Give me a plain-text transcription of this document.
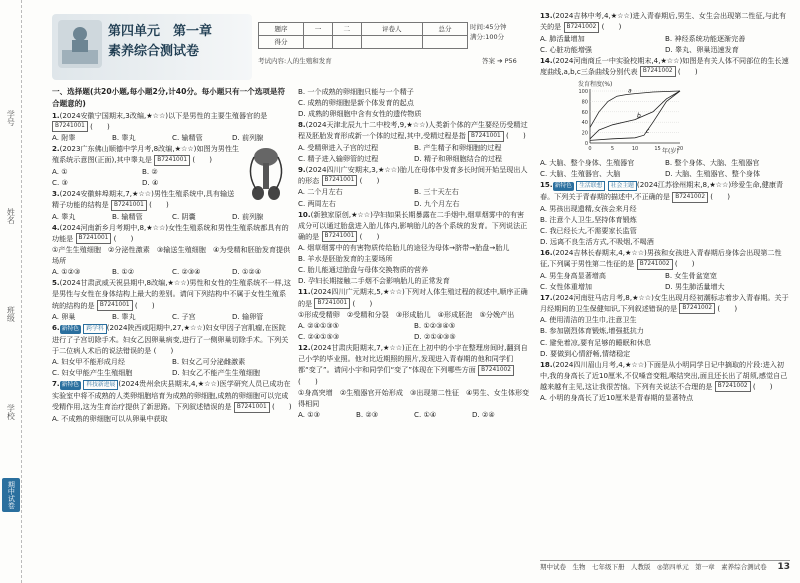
学号
姓名
班级
学校
期中试卷
第四单元　第一章
素养综合测试卷
题序	一	二	评卷人	总分
得分				
时间:45分钟
满分:100分
考试内容:人的生殖和发育	答案 ➔ P56

一、选择题(共20小题,每小题2分,计40分。每小题只有一个选项是符合题意的)

1.(2024安徽宁国期末,3改编,★☆☆)以下是男性的主要生殖器官的是 B7241001 (　　)

A. 附睾	B. 睾丸	C. 输精管	D. 前列腺

2.(2023广东佛山顺德中学月考,8改编,★☆☆)如图为男性生殖系统示意图(正面),其中睾丸是 B7241001 (　　)

A. ①	B. ②
C. ③	D. ④

3.(2024安徽蚌埠期末,7,★☆☆)男性生殖系统中,具有输送精子功能的结构是 B7241001 (　　)

A. 睾丸	B. 输精管	C. 阴囊	D. 前列腺

4.(2024河南新乡月考期中,8,★☆☆)女性生殖系统和男性生殖系统都具有的功能是 B7241001 (　　)

①产生生殖细胞　②分泌性激素　③输送生殖细胞　④为受精和胚胎发育提供场所

A. ①②③	B. ①②	C. ②③④	D. ①②④

5.(2024甘肃武威天祝县期中,8改编,★☆☆)男性和女性的生殖系统不一样,这是男性与女性在身体结构上最大的差别。请问下列结构中不属于女性生殖系统的结构的是 B7241001 (　　)

A. 卵巢	B. 睾丸	C. 子宫	D. 输卵管

6. 新特色 跨学科 (2024陕西咸阳期中,27,★☆☆)妇女甲因子宫肌瘤,在医院进行了子宫切除手术。妇女乙因卵巢病变,进行了一侧卵巢切除手术。下列关于二位病人术后的说法错误的是 (　　)

A. 妇女甲不能形成月经	B. 妇女乙可分泌雌激素
C. 妇女甲能产生生殖细胞	D. 妇女乙不能产生生殖细胞

7. 新特色 科技新进展 (2024贵州余庆县期末,4,★☆☆)医学研究人员已成功在实验室中将不成熟的人类卵细胞培育为成熟的卵细胞,成熟的卵细胞可以完成受精作用,这为生育治疗提供了新思路。下列叙述错误的是 B7241001 (　　)

A. 不成熟的卵细胞可以从卵巢中获取

B. 一个成熟的卵细胞只能与一个精子

C. 成熟的卵细胞是新个体发育的起点

D. 成熟的卵细胞中含有女性的遗传物质

8.(2024天津北辰九十二中校考,9,★☆☆)人类新个体的产生要经历受精过程及胚胎发育形成新一个体的过程,其中,受精过程是指 B7241001 (　　)

A. 受精卵进入子宫的过程	B. 产生精子和卵细胞的过程
C. 精子进入输卵管的过程	D. 精子和卵细胞结合的过程

9.(2024四川广安期末,3,★☆☆)胎儿在母体中发育多长时间开始呈现出人的形态 B7241001 (　　)

A. 二个月左右	B. 三十天左右
C. 两周左右	D. 九个月左右

10.(新独家原创,★☆☆)孕妇如果长期暴露在二手烟中,烟草烟雾中的有害成分可以通过胎盘进入胎儿体内,影响胎儿的各个系统的发育。下列说法正确的是 B7241001 (　　)

A. 烟草烟雾中的有害物质传给胎儿的途径为母体→脐带→胎盘→胎儿

B. 羊水是胚胎发育的主要场所

C. 胎儿能通过胎盘与母体交换物质的营养

D. 孕妇长期接触二手烟不会影响胎儿的正常发育

11.(2024四川广元期末,5,★☆☆)下列对人体生殖过程的叙述中,顺序正确的是 B7241001 (　　)

①形成受精卵　②受精和分裂　③形成胎儿　④形成胚泡　⑤分娩产出

A. ②④①③⑤	B. ①②③④⑤
C. ②④①⑤③	D. ②①④③⑤

12.(2024甘肃庆阳期末,7,★☆☆)正在上初中的小宇在整理房间时,翻到自己小学的毕业照。他对比近期照的照片,发现进入青春期的他和同学们都“变了”。请问小宇和同学们“变了”体现在下列哪些方面 B7241002 (　　)

①身高突增　②生殖器官开始形成　③出现第二性征　④男生、女生体形变得相同

A. ①③	B. ②③	C. ①④	D. ②④

13.(2024吉林中考,4,★☆☆)进入青春期后,男生、女生会出现第二性征,与此有关的是 B7241002 (　　)

A. 肺活量增加	B. 神经系统功能逐渐完善
C. 心脏功能增强	D. 睾丸、卵巢迅速发育

14.(2024河南商丘一中实验校期末,4,★☆☆)如图是有关人体不同部位的生长速度曲线,a,b,c三条曲线分别代表 B7241002 (　　)

发育程度(%)
年(岁)
0
20
40
60
80
100
0	5	10	15	20
a
b
c
A. 大脑、整个身体、生殖器官	B. 整个身体、大脑、生殖器官
C. 大脑、生殖器官、大脑	D. 大脑、生殖器官、整个身体

15. 新特色 生活联想 社会主题 (2024江苏徐州期末,8,★☆☆)珍爱生命,健康青春。下列关于青春期的描述中,不正确的是 B7241002 (　　)

A. 男孩出现遗精,女孩会来月经

B. 注意个人卫生,坚持体育锻炼

C. 我已经长大,不需要家长监管

D. 远离不良生活方式,不吸烟,不喝酒

16.(2024吉林长春期末,4,★☆☆)男孩和女孩进入青春期后身体会出现第二性征,下列属于男性第二性征的是 B7241002 (　　)

A. 男生身高显著增高	B. 女生骨盆宽宽
C. 女性体重增加	D. 男生肺活量增大

17.(2024河南驻马店月考,8,★☆☆)女生出现月经初潮标志着步入青春期。关于月经期间的卫生保健知识,下列叙述错误的是 B7241002 (　　)

A. 使用清洁的卫生巾,注意卫生

B. 参加剧烈体育锻炼,增强抵抗力

C. 避免着凉,要有足够的睡眠和休息

D. 要做到心情舒畅,情绪稳定

18.(2024四川眉山月考,4,★☆☆)下面是从小明同学日记中摘取的片段:进入初中,我的身高长了近10厘米,不仅嗓音变粗,喉结突出,面且还长出了胡须,感觉自己越来越有主见,这让我很苦恼。下列有关说法不合理的是 B7241002 (　　)

A. 小明的身高长了近10厘米是青春期的显著特点

期中试卷　生物　七年级下册　人教版　◎第四单元　第一章　素养综合测试卷 13
